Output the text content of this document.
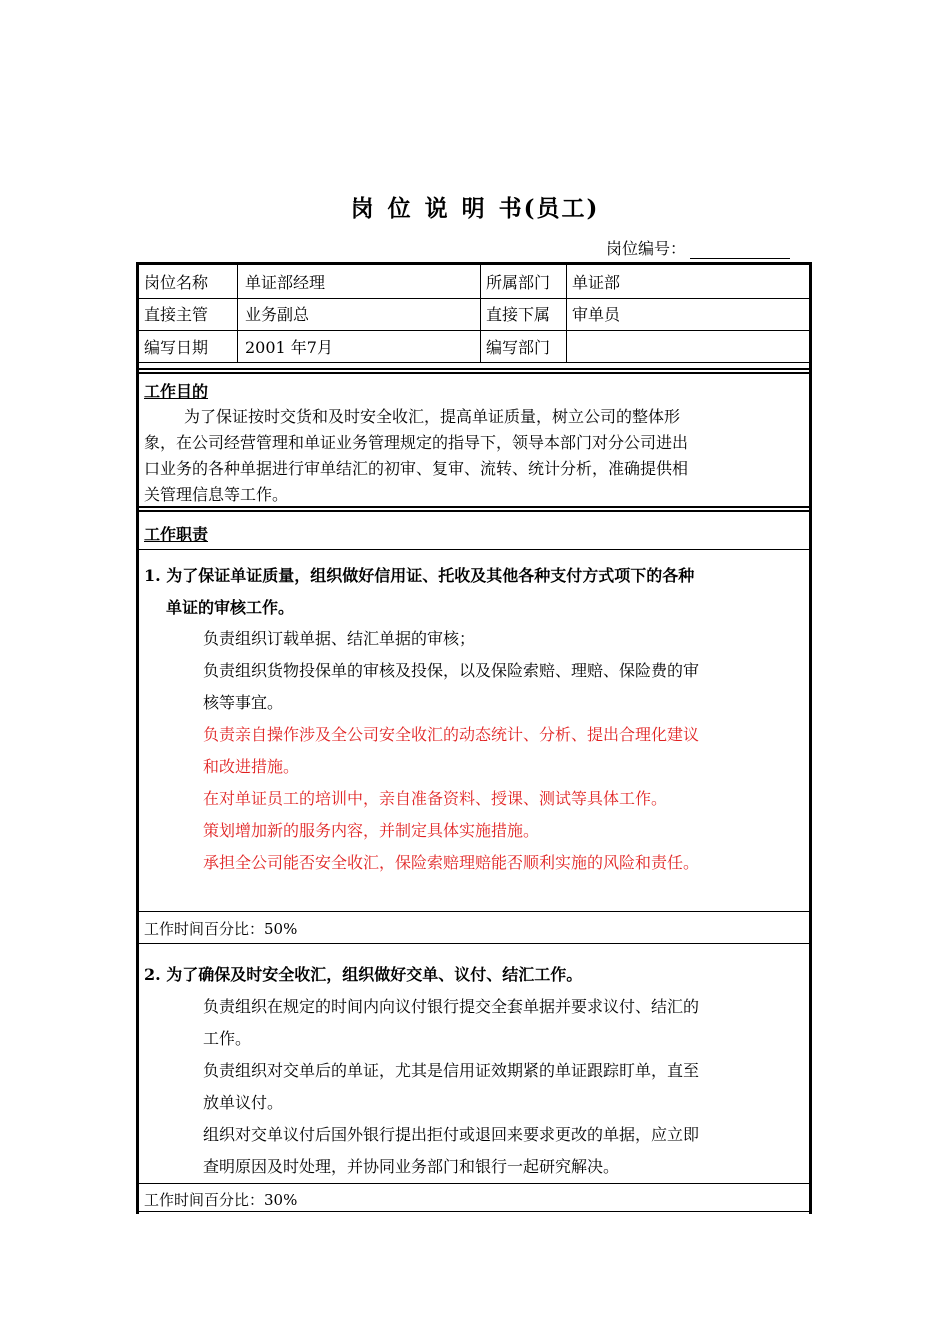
岗 位 说 明 书(员工)
岗位编号：
岗位名称 单证部经理	所属部门 单证部
直接主管 业务副总	直接下属 审单员
编写日期 2001 年7月	编写部门
工作目的
为了保证按时交货和及时安全收汇，提高单证质量，树立公司的整体形
象，在公司经营管理和单证业务管理规定的指导下，领导本部门对分公司进出
口业务的各种单据进行审单结汇的初审、复审、流转、统计分析，准确提供相
关管理信息等工作。
工作职责
1. 为了保证单证质量，组织做好信用证、托收及其他各种支付方式项下的各种
单证的审核工作。
负责组织订载单据、结汇单据的审核；
负责组织货物投保单的审核及投保，以及保险索赔、理赔、保险费的审
核等事宜。
负责亲自操作涉及全公司安全收汇的动态统计、分析、提出合理化建议
和改进措施。
在对单证员工的培训中，亲自准备资料、授课、测试等具体工作。
策划增加新的服务内容，并制定具体实施措施。
承担全公司能否安全收汇，保险索赔理赔能否顺利实施的风险和责任。
工作时间百分比：50%
2. 为了确保及时安全收汇，组织做好交单、议付、结汇工作。
负责组织在规定的时间内向议付银行提交全套单据并要求议付、结汇的
工作。
负责组织对交单后的单证，尤其是信用证效期紧的单证跟踪盯单，直至
放单议付。
组织对交单议付后国外银行提出拒付或退回来要求更改的单据，应立即
查明原因及时处理，并协同业务部门和银行一起研究解决。
工作时间百分比：30%
